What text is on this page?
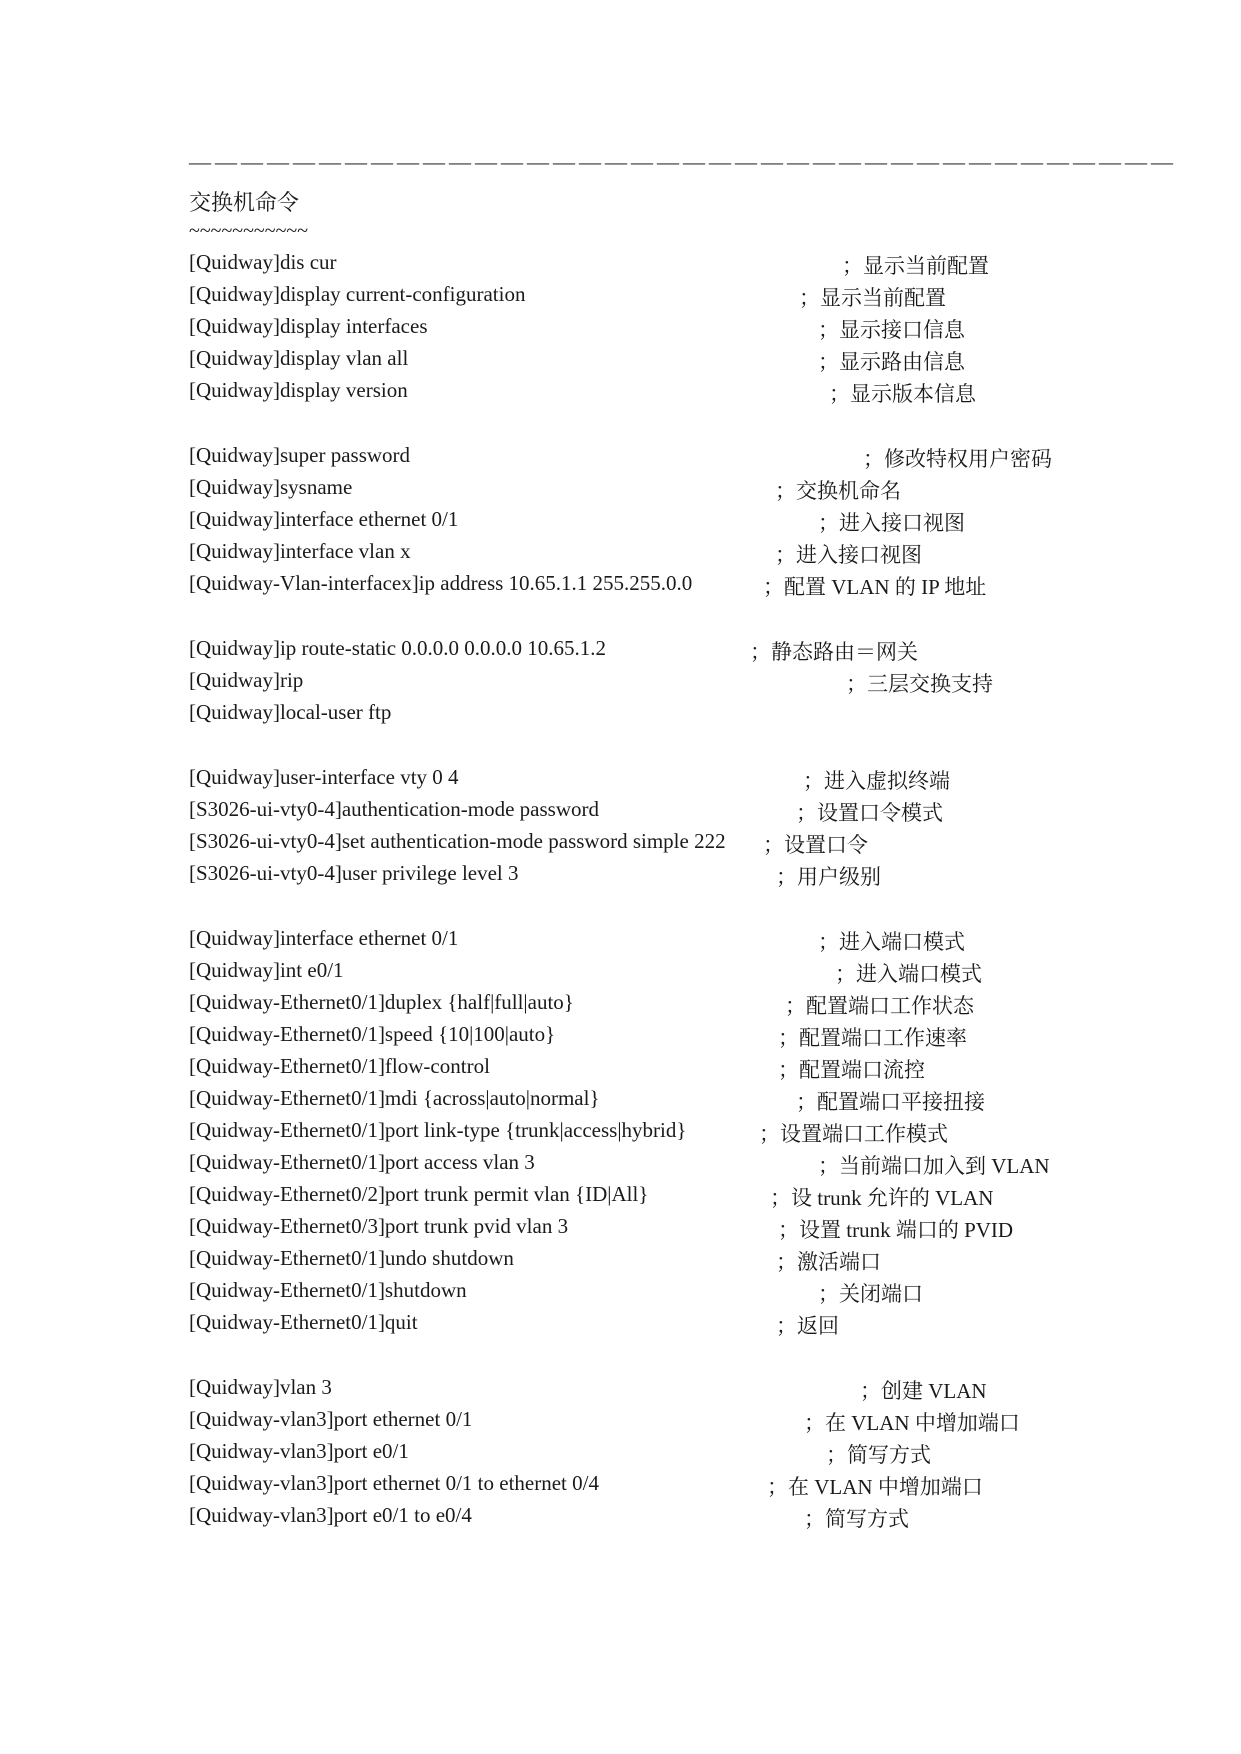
——————————————————————————————————————
交换机命令
~~~~~~~~~~~
[Quidway]dis cur	；显示当前配置
[Quidway]display current-configuration	；显示当前配置
[Quidway]display interfaces	；显示接口信息
[Quidway]display vlan all	；显示路由信息
[Quidway]display version	；显示版本信息
[Quidway]super password	；修改特权用户密码
[Quidway]sysname	；交换机命名
[Quidway]interface ethernet 0/1	；进入接口视图
[Quidway]interface vlan x	；进入接口视图
[Quidway-Vlan-interfacex]ip address 10.65.1.1 255.255.0.0	；配置 VLAN 的 IP 地址
[Quidway]ip route-static 0.0.0.0 0.0.0.0 10.65.1.2	；静态路由＝网关
[Quidway]rip	；三层交换支持
[Quidway]local-user ftp
[Quidway]user-interface vty 0 4	；进入虚拟终端
[S3026-ui-vty0-4]authentication-mode password	；设置口令模式
[S3026-ui-vty0-4]set authentication-mode password simple 222 ；设置口令
[S3026-ui-vty0-4]user privilege level 3	；用户级别
[Quidway]interface ethernet 0/1	；进入端口模式
[Quidway]int e0/1	；进入端口模式
[Quidway-Ethernet0/1]duplex {half|full|auto}	；配置端口工作状态
[Quidway-Ethernet0/1]speed {10|100|auto}	；配置端口工作速率
[Quidway-Ethernet0/1]flow-control	；配置端口流控
[Quidway-Ethernet0/1]mdi {across|auto|normal}	；配置端口平接扭接
[Quidway-Ethernet0/1]port link-type {trunk|access|hybrid}	；设置端口工作模式
[Quidway-Ethernet0/1]port access vlan 3	；当前端口加入到 VLAN
[Quidway-Ethernet0/2]port trunk permit vlan {ID|All}	；设 trunk 允许的 VLAN
[Quidway-Ethernet0/3]port trunk pvid vlan 3	；设置 trunk 端口的 PVID
[Quidway-Ethernet0/1]undo shutdown	；激活端口
[Quidway-Ethernet0/1]shutdown	；关闭端口
[Quidway-Ethernet0/1]quit	；返回
[Quidway]vlan 3	；创建 VLAN
[Quidway-vlan3]port ethernet 0/1	；在 VLAN 中增加端口
[Quidway-vlan3]port e0/1	；简写方式
[Quidway-vlan3]port ethernet 0/1 to ethernet 0/4	；在 VLAN 中增加端口
[Quidway-vlan3]port e0/1 to e0/4	；简写方式
